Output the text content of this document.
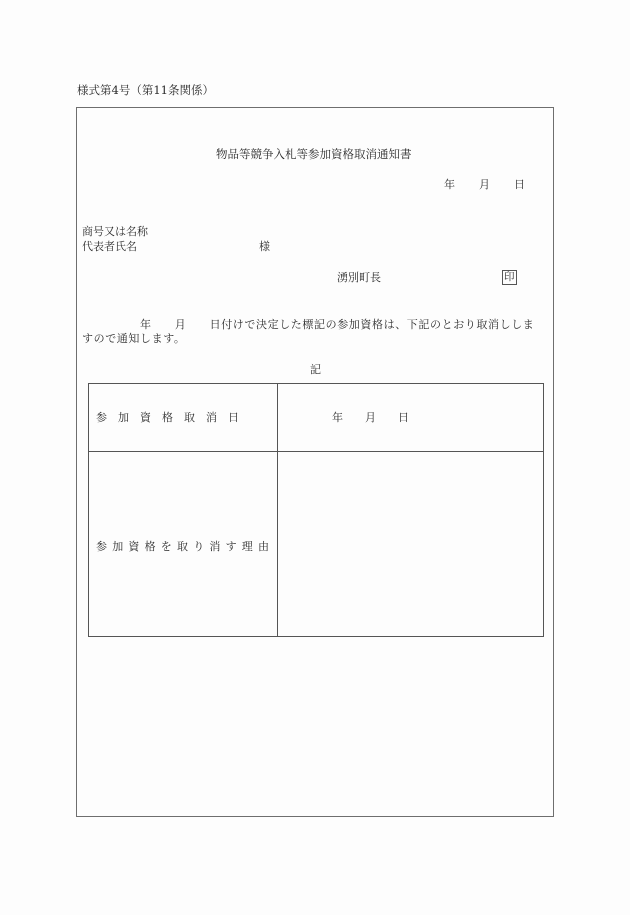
様式第4号（第11条関係）
物品等競争入札等参加資格取消通知書
年 月 日
商号又は名称
代表者氏名	様
湧別町長	印
　　　　　年　　月　　日付けで決定した標記の参加資格は、下記のとおり取消ししま
すので通知します。
記
参加資格取消日	年　　月　　日
参加資格を取り消す理由
